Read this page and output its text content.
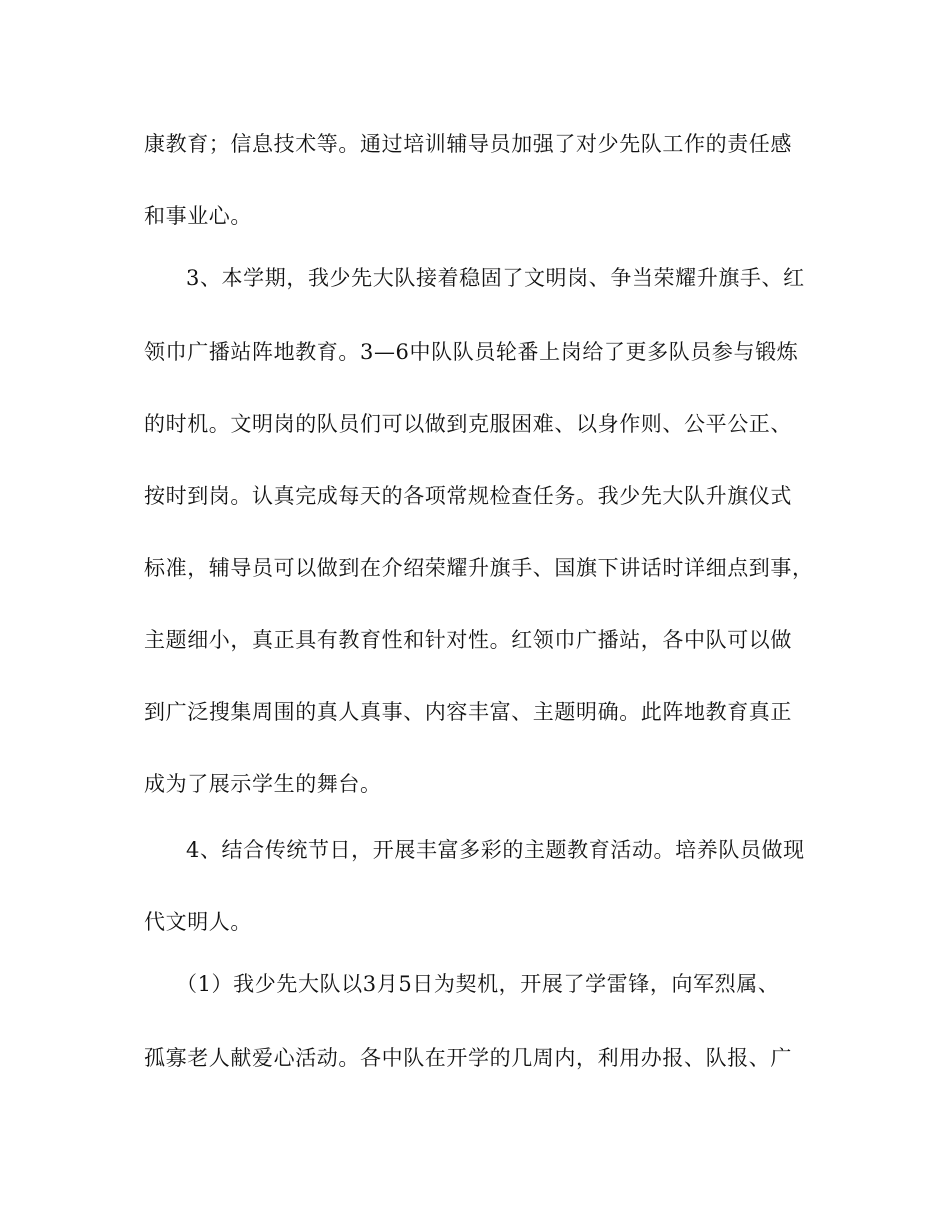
康教育；信息技术等。通过培训辅导员加强了对少先队工作的责任感
和事业心。
3、本学期，我少先大队接着稳固了文明岗、争当荣耀升旗手、红
领巾广播站阵地教育。3—6中队队员轮番上岗给了更多队员参与锻炼
的时机。文明岗的队员们可以做到克服困难、以身作则、公平公正、
按时到岗。认真完成每天的各项常规检查任务。我少先大队升旗仪式
标准，辅导员可以做到在介绍荣耀升旗手、国旗下讲话时详细点到事，
主题细小，真正具有教育性和针对性。红领巾广播站，各中队可以做
到广泛搜集周围的真人真事、内容丰富、主题明确。此阵地教育真正
成为了展示学生的舞台。
4、结合传统节日，开展丰富多彩的主题教育活动。培养队员做现
代文明人。
（1）我少先大队以3月5日为契机，开展了学雷锋，向军烈属、
孤寡老人献爱心活动。各中队在开学的几周内，利用办报、队报、广
